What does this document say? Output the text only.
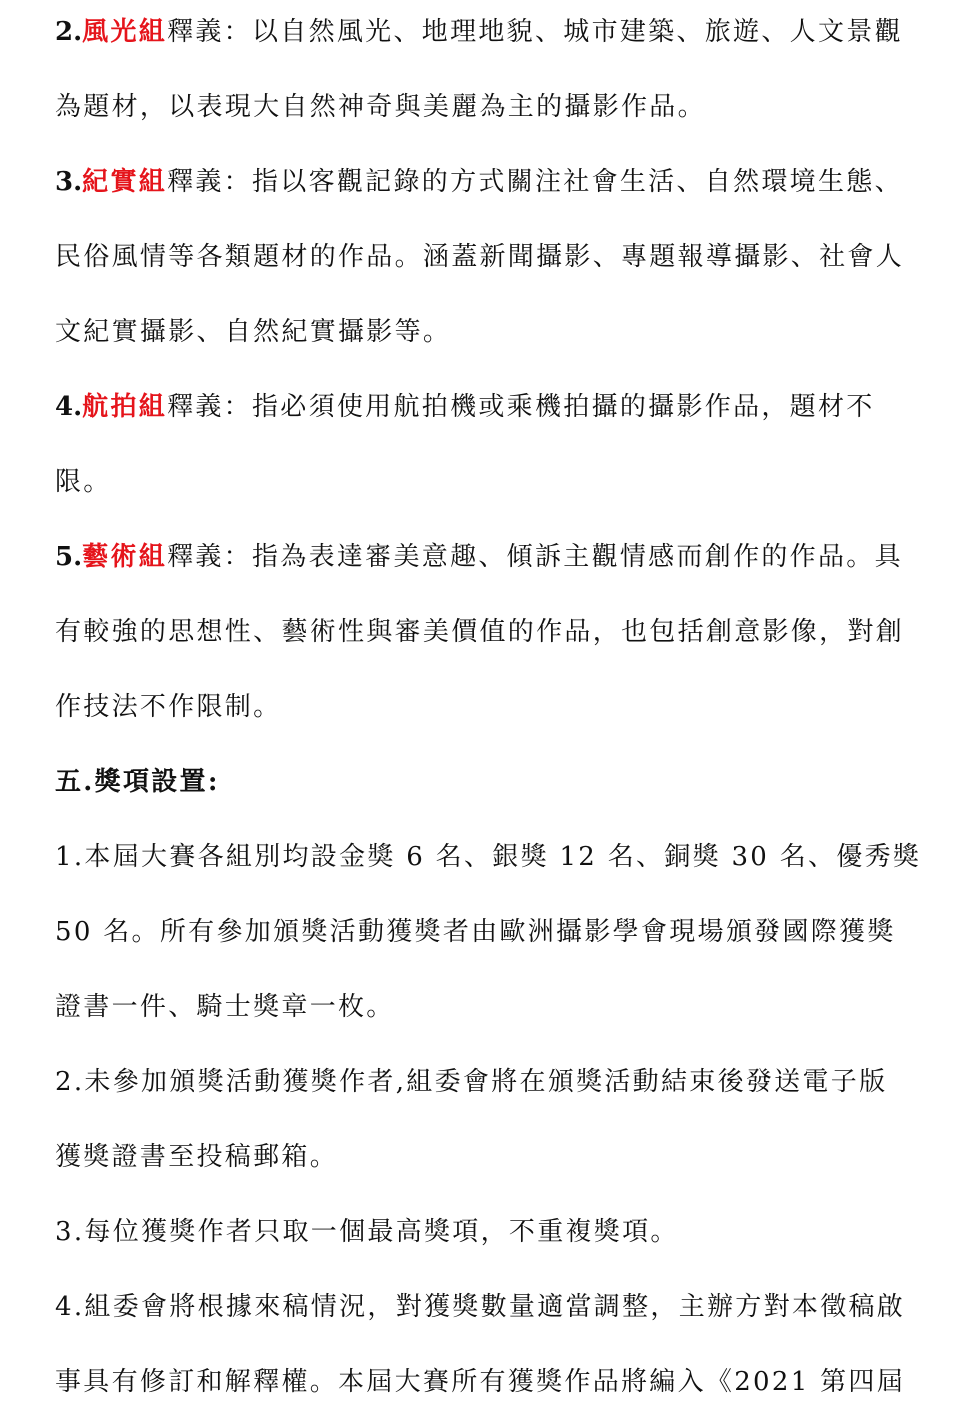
2.風光組釋義：以自然風光、地理地貌、城市建築、旅遊、人文景觀
為題材，以表現大自然神奇與美麗為主的攝影作品。
3.紀實組釋義：指以客觀記錄的方式關注社會生活、自然環境生態、
民俗風情等各類題材的作品。涵蓋新聞攝影、專題報導攝影、社會人
文紀實攝影、自然紀實攝影等。
4.航拍組釋義：指必須使用航拍機或乘機拍攝的攝影作品，題材不
限。
5.藝術組釋義：指為表達審美意趣、傾訴主觀情感而創作的作品。具
有較強的思想性、藝術性與審美價值的作品，也包括創意影像，對創
作技法不作限制。
五.獎項設置:
1.本屆大賽各組別均設金獎 6 名、銀獎 12 名、銅獎 30 名、優秀獎
50 名。所有參加頒獎活動獲獎者由歐洲攝影學會現場頒發國際獲獎
證書一件、騎士獎章一枚。
2.未參加頒獎活動獲獎作者,組委會將在頒獎活動結束後發送電子版
獲獎證書至投稿郵箱。
3.每位獲獎作者只取一個最高獎項，不重複獎項。
4.組委會將根據來稿情況，對獲獎數量適當調整，主辦方對本徵稿啟
事具有修訂和解釋權。本屆大賽所有獲獎作品將編入《2021 第四屆
